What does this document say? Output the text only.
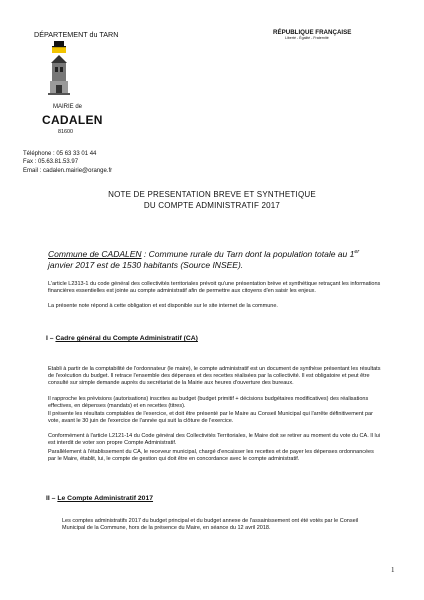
DÉPARTEMENT du TARN	RÉPUBLIQUE FRANÇAISE
Liberté - Égalité - Fraternité
MAIRIE de
CADALEN
81600
Téléphone : 05 63 33 01 44
Fax : 05.63.81.53.97
Email : cadalen.mairie@orange.fr
NOTE DE PRESENTATION BREVE ET SYNTHETIQUE
DU COMPTE ADMINISTRATIF 2017
Commune de CADALEN : Commune rurale du Tarn dont la population totale au 1er janvier 2017 est de 1530 habitants (Source INSEE).
L'article L2313-1 du code général des collectivités territoriales prévoit qu'une présentation brève et synthétique retraçant les informations financières essentielles est jointe au compte administratif afin de permettre aux citoyens d'en saisir les enjeux.
La présente note répond à cette obligation et est disponible sur le site internet de la commune.
I – Cadre général du Compte Administratif (CA)
Etabli à partir de la comptabilité de l'ordonnateur (le maire), le compte administratif est un document de synthèse présentant les résultats de l'exécution du budget. Il retrace l'ensemble des dépenses et des recettes réalisées par la collectivité. Il est obligatoire et peut être consulté sur simple demande auprès du secrétariat de la Mairie aux heures d'ouverture des bureaux.
Il rapproche les prévisions (autorisations) inscrites au budget (budget primitif + décisions budgétaires modificatives) des réalisations effectives, en dépenses (mandats) et en recettes (titres).
Il présente les résultats comptables de l'exercice, et doit être présenté par le Maire au Conseil Municipal qui l'arrête définitivement par vote, avant le 30 juin de l'exercice de l'année qui suit la clôture de l'exercice.
Conformément à l'article L2121-14 du Code général des Collectivités Territoriales, le Maire doit se retirer au moment du vote du CA. Il lui est interdit de voter son propre Compte Administratif.
Parallèlement à l'établissement du CA, le receveur municipal, chargé d'encaisser les recettes et de payer les dépenses ordonnancées par le Maire, établit, lui, le compte de gestion qui doit être en concordance avec le compte administratif.
II – Le Compte Administratif 2017
Les comptes administratifs 2017 du budget principal et du budget annexe de l'assainissement ont été votés par le Conseil Municipal de la Commune, hors de la présence du Maire, en séance du 12 avril 2018.
1
